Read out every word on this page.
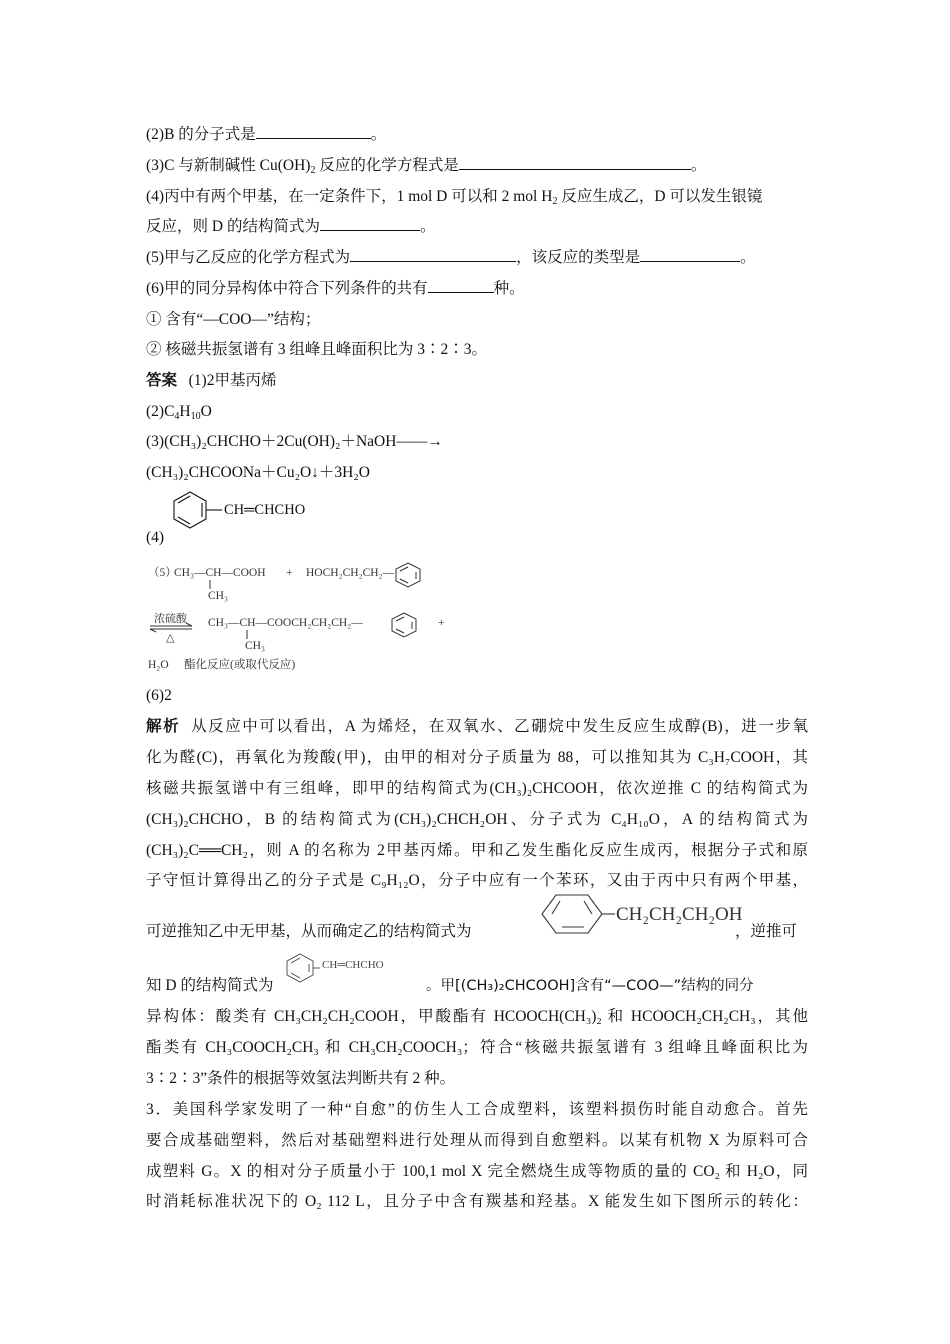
(2)B 的分子式是	。
(3)C 与新制碱性 $Cu(OH)_2$ 反应的化学方程式是	。
(4)丙中有两个甲基，在一定条件下，1 mol D 可以和 2 mol $H_2$ 反应生成乙，D 可以发生银镜
反应，则 D 的结构简式为	。
(5)甲与乙反应的化学方程式为	，该反应的类型是	。
(6)甲的同分异构体中符合下列条件的共有	种。
① 含有“—COO—”结构；
② 核磁共振氢谱有 3 组峰且峰面积比为 3∶2∶3。
答案 (1)2甲基丙烯
$(2)C_4H_{10}O$
(3)(CH₃)₂CHCHO＋2Cu(OH)₂＋NaOH——→
(CH₃)₂CHCOONa＋Cu₂O↓＋3H₂O
CH═CHCHO
(4)
（5）
CH₃—CH—COOH
CH₃
+ HOCH₂CH₂CH₂—
浓硫酸
△
CH₃—CH—COOCH₂CH₂CH₂—
CH₃
+
H₂O 酯化反应(或取代反应)
(6)2
解析 从反应中可以看出，A 为烯烃，在双氧水、乙硼烷中发生反应生成醇(B)，进一步氧
化为醛(C)，再氧化为羧酸(甲)，由甲的相对分子质量为 88，可以推知其为 C₃H₇COOH，其
核磁共振氢谱中有三组峰，即甲的结构简式为(CH₃)₂CHCOOH，依次逆推 C 的结构简式为
(CH₃)₂CHCHO，B 的结构简式为(CH₃)₂CHCH₂OH、分子式为 C₄H₁₀O，A 的结构简式为
(CH₃)₂C══CH₂，则 A 的名称为 2甲基丙烯。甲和乙发生酯化反应生成丙，根据分子式和原
子守恒计算得出乙的分子式是 C₉H₁₂O，分子中应有一个苯环，又由于丙中只有两个甲基，
可逆推知乙中无甲基，从而确定乙的结构简式为
CH₂CH₂CH₂OH
，逆推可
知 D 的结构简式为
CH═CHCHO
。甲[(CH₃)₂CHCOOH]含有“—COO—”结构的同分
异构体：酸类有 CH₃CH₂CH₂COOH，甲酸酯有 HCOOCH(CH₃)₂ 和 HCOOCH₂CH₂CH₃，其他
酯类有 CH₃COOCH₂CH₃ 和 CH₃CH₂COOCH₃；符合“核磁共振氢谱有 3 组峰且峰面积比为
3∶2∶3”条件的根据等效氢法判断共有 2 种。
3．美国科学家发明了一种“自愈”的仿生人工合成塑料，该塑料损伤时能自动愈合。首先
要合成基础塑料，然后对基础塑料进行处理从而得到自愈塑料。以某有机物 X 为原料可合
成塑料 G。X 的相对分子质量小于 100,1 mol X 完全燃烧生成等物质的量的 CO₂ 和 H₂O，同
时消耗标准状况下的 O₂ 112 L，且分子中含有羰基和羟基。X 能发生如下图所示的转化：
